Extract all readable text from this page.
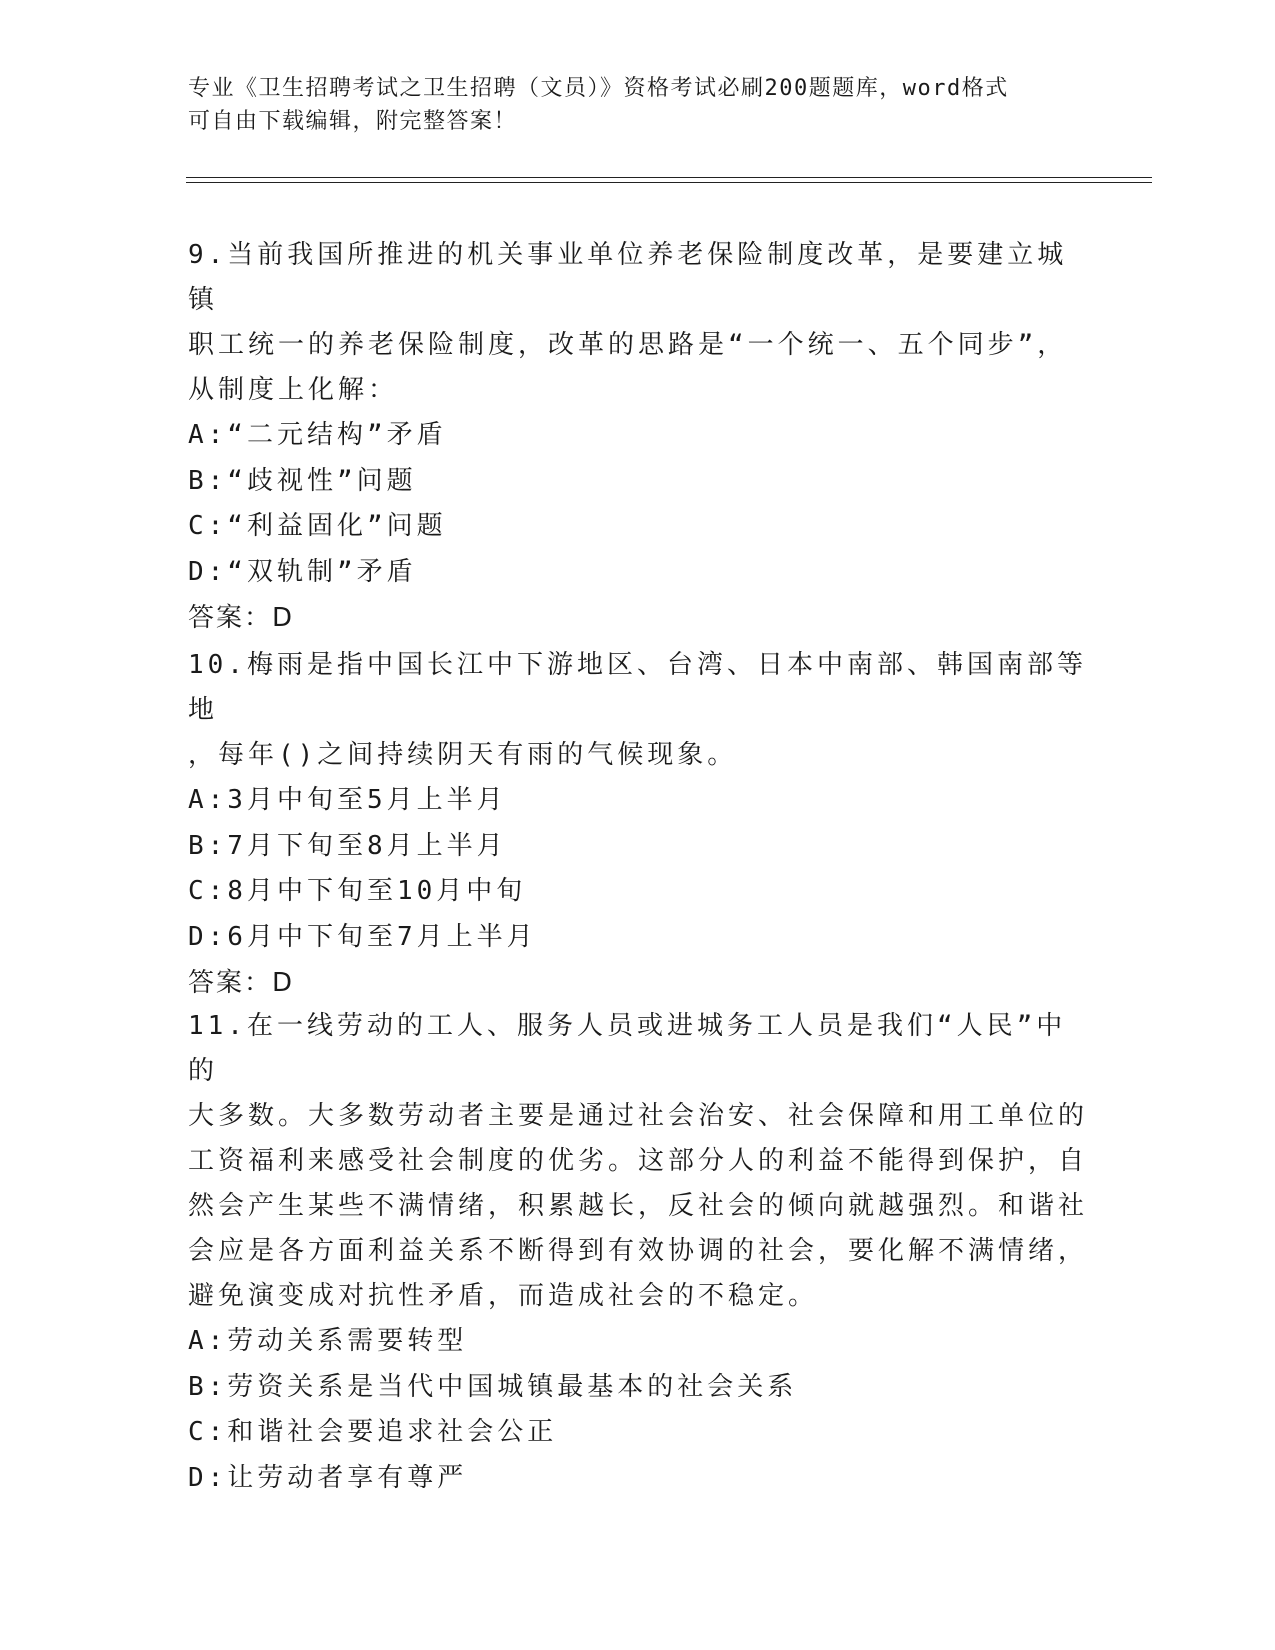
专业《卫生招聘考试之卫生招聘（文员）》资格考试必刷200题题库，word格式
可自由下载编辑，附完整答案！

9.当前我国所推进的机关事业单位养老保险制度改革，是要建立城镇

职工统一的养老保险制度，改革的思路是“一个统一、五个同步”，

从制度上化解：

A:“二元结构”矛盾

B:“歧视性”问题

C:“利益固化”问题

D:“双轨制”矛盾

答案：D

10.梅雨是指中国长江中下游地区、台湾、日本中南部、韩国南部等地

，每年()之间持续阴天有雨的气候现象。

A:3月中旬至5月上半月

B:7月下旬至8月上半月

C:8月中下旬至10月中旬

D:6月中下旬至7月上半月

答案：D

11.在一线劳动的工人、服务人员或进城务工人员是我们“人民”中的

大多数。大多数劳动者主要是通过社会治安、社会保障和用工单位的

工资福利来感受社会制度的优劣。这部分人的利益不能得到保护，自

然会产生某些不满情绪，积累越长，反社会的倾向就越强烈。和谐社

会应是各方面利益关系不断得到有效协调的社会，要化解不满情绪，

避免演变成对抗性矛盾，而造成社会的不稳定。

A:劳动关系需要转型

B:劳资关系是当代中国城镇最基本的社会关系

C:和谐社会要追求社会公正

D:让劳动者享有尊严
